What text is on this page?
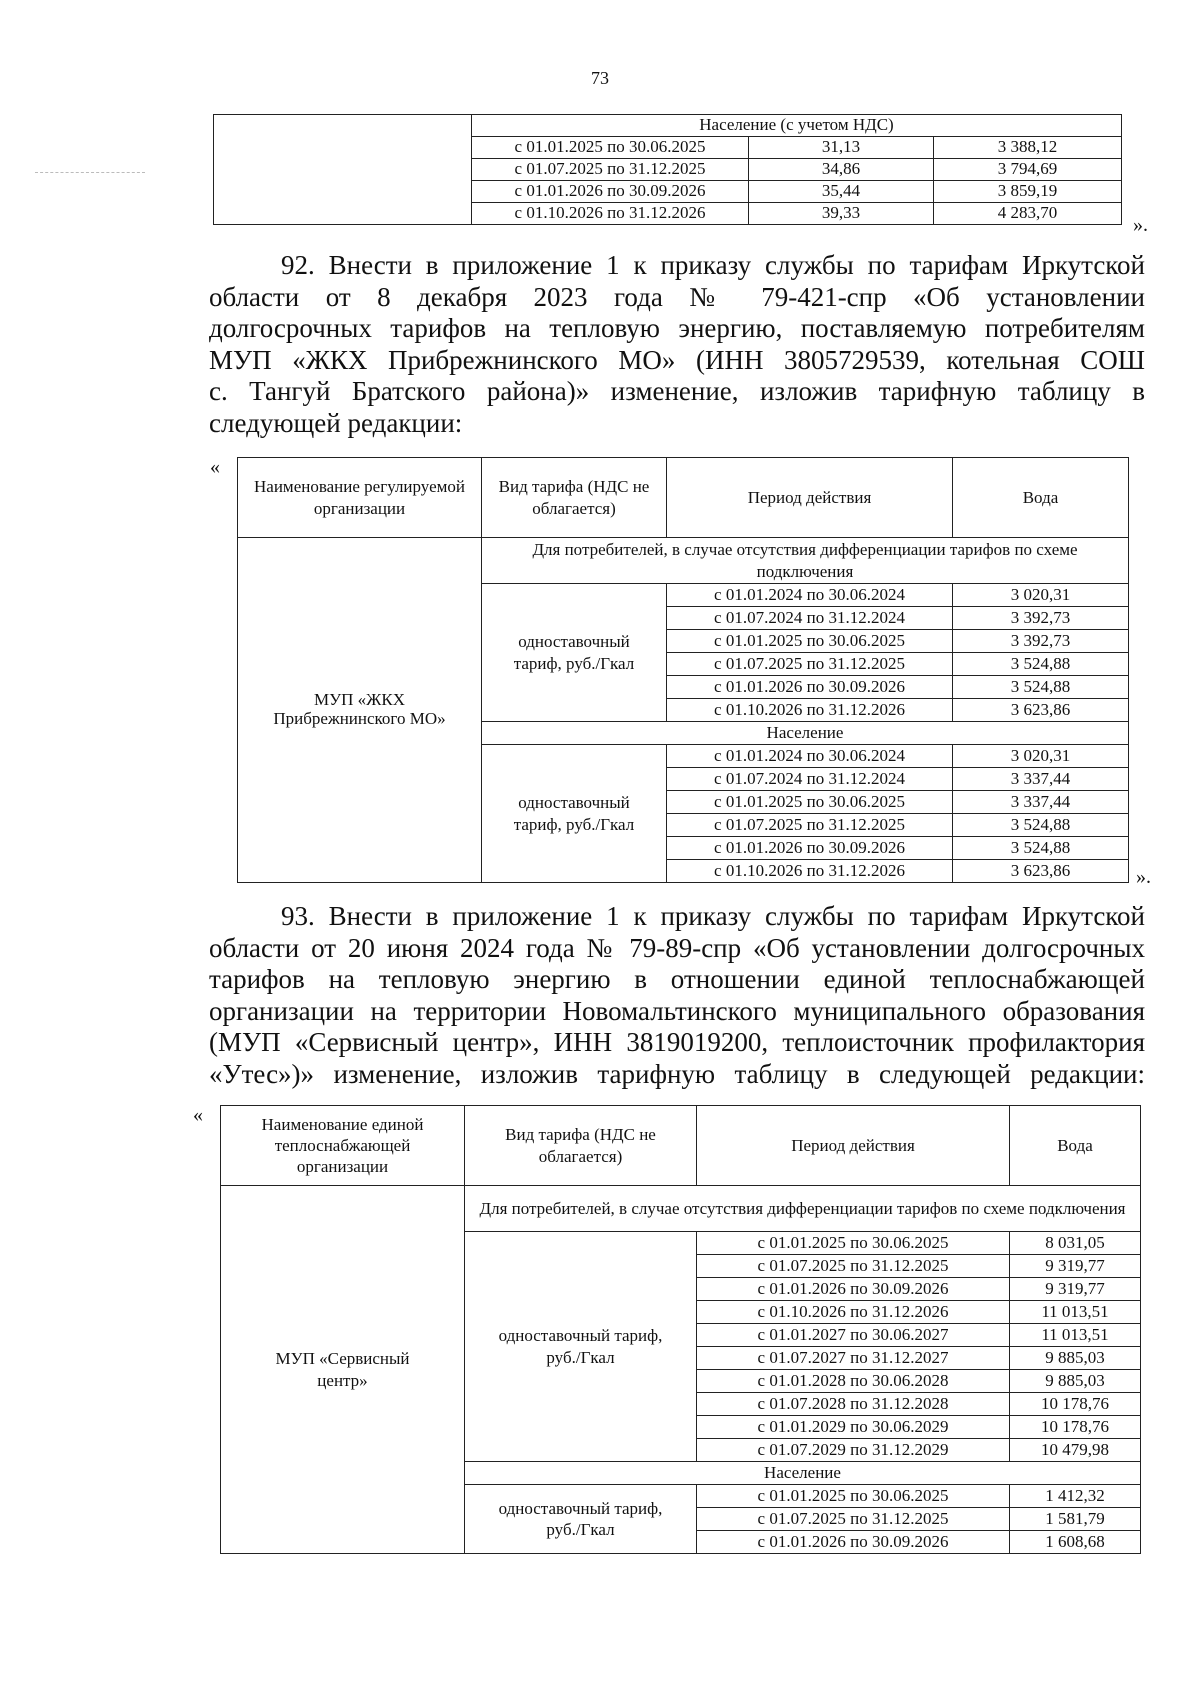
73
	Население (с учетом НДС)		
	с 01.01.2025 по 30.06.2025	31,13	3 388,12
	с 01.07.2025 по 31.12.2025	34,86	3 794,69
	с 01.01.2026 по 30.09.2026	35,44	3 859,19
	с 01.10.2026 по 31.12.2026	39,33	4 283,70
».
92. Внести в приложение 1 к приказу службы по тарифам Иркутской
области от 8 декабря 2023 года № 79-421-спр «Об установлении
долгосрочных тарифов на тепловую энергию, поставляемую потребителям
МУП «ЖКХ Прибрежнинского МО» (ИНН 3805729539, котельная СОШ
с. Тангуй Братского района)» изменение, изложив тарифную таблицу в
следующей редакции:
«
Наименование регулируемой организации	Вид тарифа (НДС не облагается)	Период действия	Вода
МУП «ЖКХ Прибрежнинского МО»	Для потребителей, в случае отсутствия дифференциации тарифов по схеме подключения		
	одноставочный тариф, руб./Гкал	с 01.01.2024 по 30.06.2024	3 020,31
		с 01.07.2024 по 31.12.2024	3 392,73
		с 01.01.2025 по 30.06.2025	3 392,73
		с 01.07.2025 по 31.12.2025	3 524,88
		с 01.01.2026 по 30.09.2026	3 524,88
		с 01.10.2026 по 31.12.2026	3 623,86
	Население		
	одноставочный тариф, руб./Гкал	с 01.01.2024 по 30.06.2024	3 020,31
		с 01.07.2024 по 31.12.2024	3 337,44
		с 01.01.2025 по 30.06.2025	3 337,44
		с 01.07.2025 по 31.12.2025	3 524,88
		с 01.01.2026 по 30.09.2026	3 524,88
		с 01.10.2026 по 31.12.2026	3 623,86	».
93. Внести в приложение 1 к приказу службы по тарифам Иркутской
области от 20 июня 2024 года № 79-89-спр «Об установлении долгосрочных
тарифов на тепловую энергию в отношении единой теплоснабжающей
организации на территории Новомальтинского муниципального образования
(МУП «Сервисный центр», ИНН 3819019200, теплоисточник профилактория
«Утес»)» изменение, изложив тарифную таблицу в следующей редакции:
«	Наименование единой теплоснабжающей организации	Вид тарифа (НДС не облагается)	Период действия	Вода
МУП «Сервисный центр»	Для потребителей, в случае отсутствия дифференциации тарифов по схеме подключения		
	одноставочный тариф, руб./Гкал	с 01.01.2025 по 30.06.2025	8 031,05
		с 01.07.2025 по 31.12.2025	9 319,77
		с 01.01.2026 по 30.09.2026	9 319,77
		с 01.10.2026 по 31.12.2026	11 013,51
		с 01.01.2027 по 30.06.2027	11 013,51
		с 01.07.2027 по 31.12.2027	9 885,03
		с 01.01.2028 по 30.06.2028	9 885,03
		с 01.07.2028 по 31.12.2028	10 178,76
		с 01.01.2029 по 30.06.2029	10 178,76
		с 01.07.2029 по 31.12.2029	10 479,98
	Население		
	одноставочный тариф, руб./Гкал	с 01.01.2025 по 30.06.2025	1 412,32
		с 01.07.2025 по 31.12.2025	1 581,79
		с 01.01.2026 по 30.09.2026	1 608,68
